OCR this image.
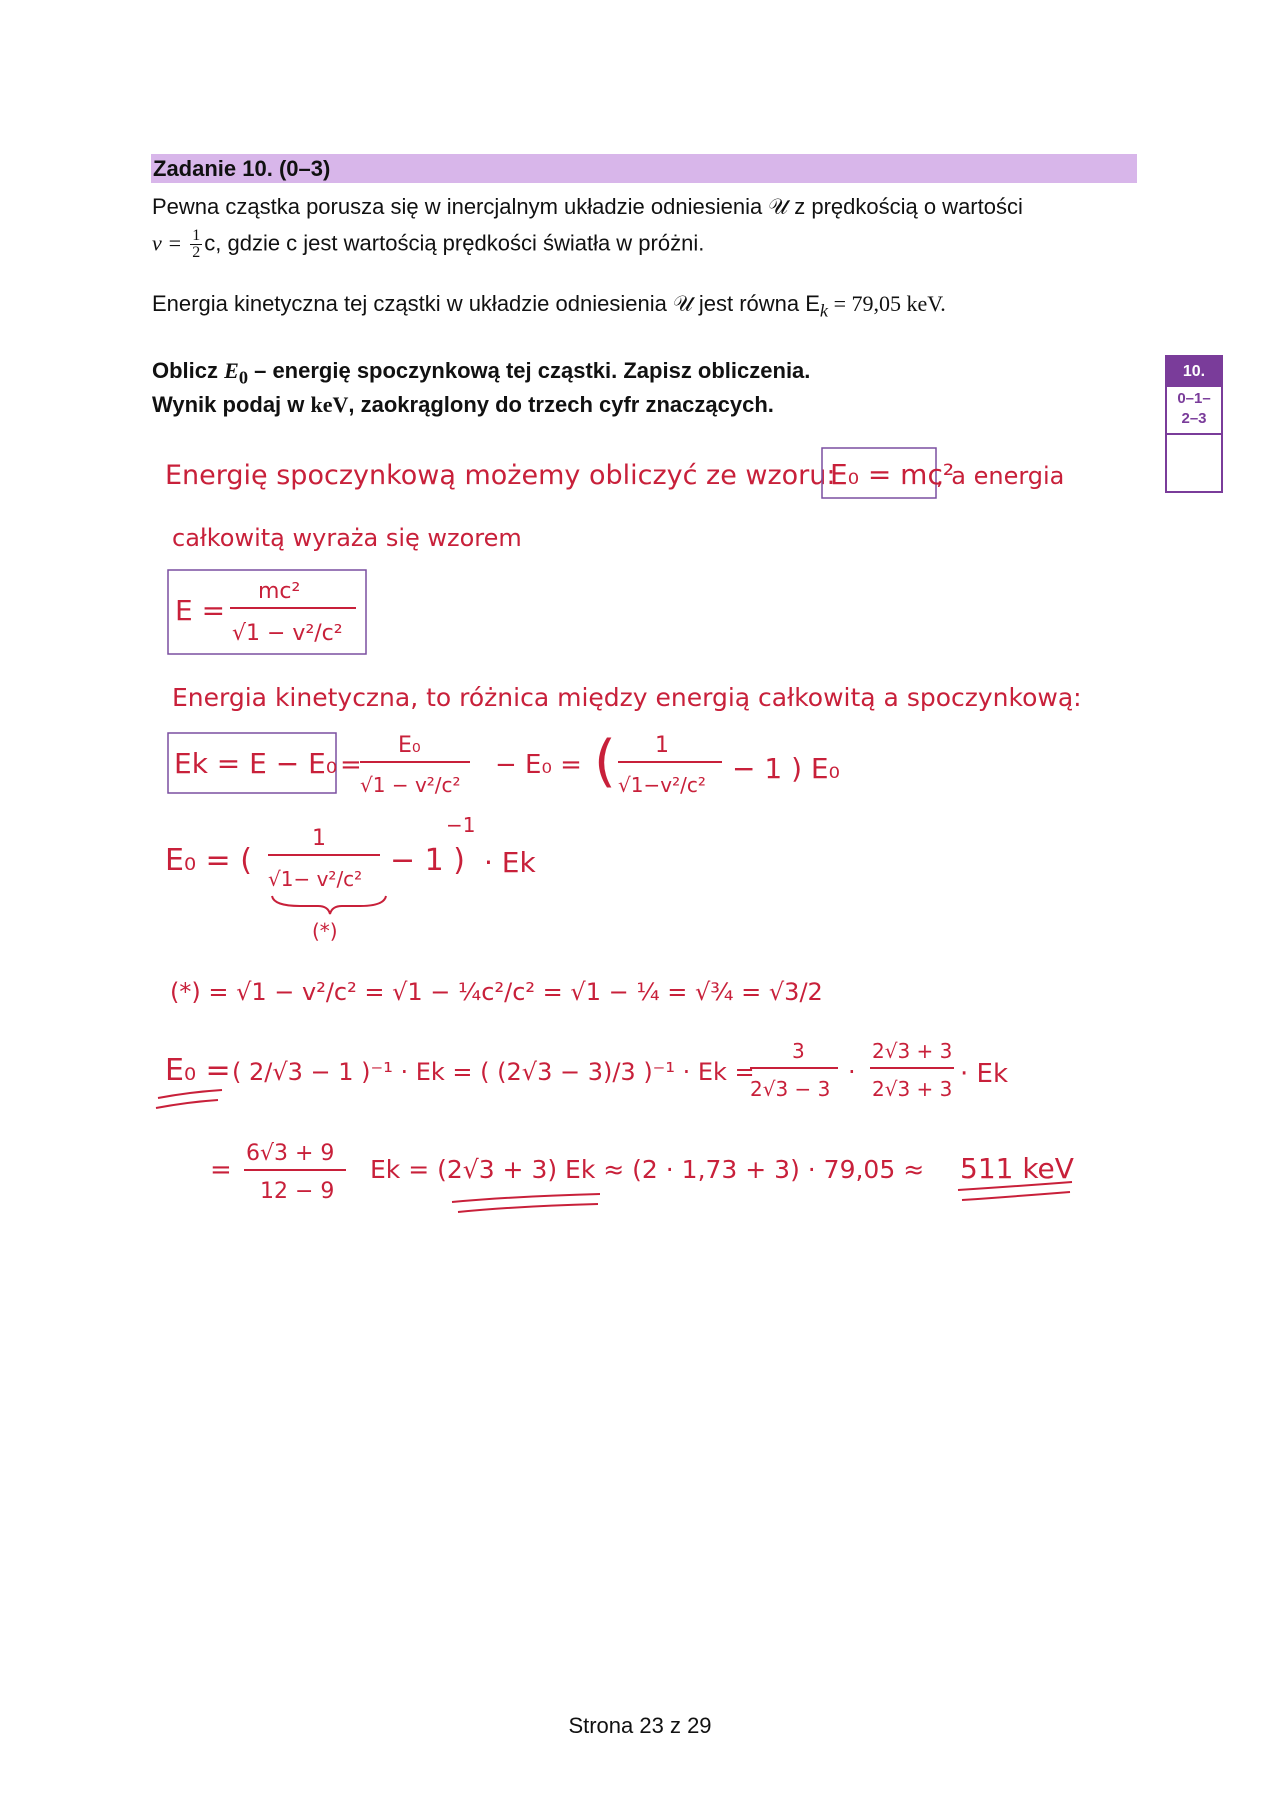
Zadanie 10. (0–3)
Pewna cząstka porusza się w inercjalnym układzie odniesienia 𝒰 z prędkością o wartości
$v = \frac{1}{2} c$, gdzie c jest wartością prędkości światła w próżni.
Energia kinetyczna tej cząstki w układzie odniesienia 𝒰 jest równa $E_k = 79,05$ keV.
Oblicz $E_0$ – energię spoczynkową tej cząstki. Zapisz obliczenia.
Wynik podaj w keV, zaokrąglony do trzech cyfr znaczących.
10.
0–1–
2–3
Energię spoczynkową możemy obliczyć ze wzoru:
E₀ = mc²
, a energia
całkowitą wyraża się wzorem
E =
mc²
√1 − v²/c²
Energia kinetyczna, to różnica między energią całkowitą a spoczynkową:
Ek = E − E₀ =
E₀
√1 − v²/c²
− E₀ = ( 1
√1−v²/c² − 1 ) E₀
E₀ = (
1
√1− v²/c²
− 1 )
−1
· Ek
(*)
(*) = √1 − v²/c² = √1 − ¼c²/c² = √1 − ¼ = √¾ = √3/2
E₀ = ( 2/√3 − 1 )⁻¹ · Ek = ( (2√3 − 3)/3 )⁻¹ · Ek =
3
2√3 − 3
·
2√3 + 3
2√3 + 3 · Ek
=
6√3 + 9
12 − 9
Ek = (2√3 + 3) Ek ≈ (2 · 1,73 + 3) · 79,05 ≈ 511 keV
Strona 23 z 29
